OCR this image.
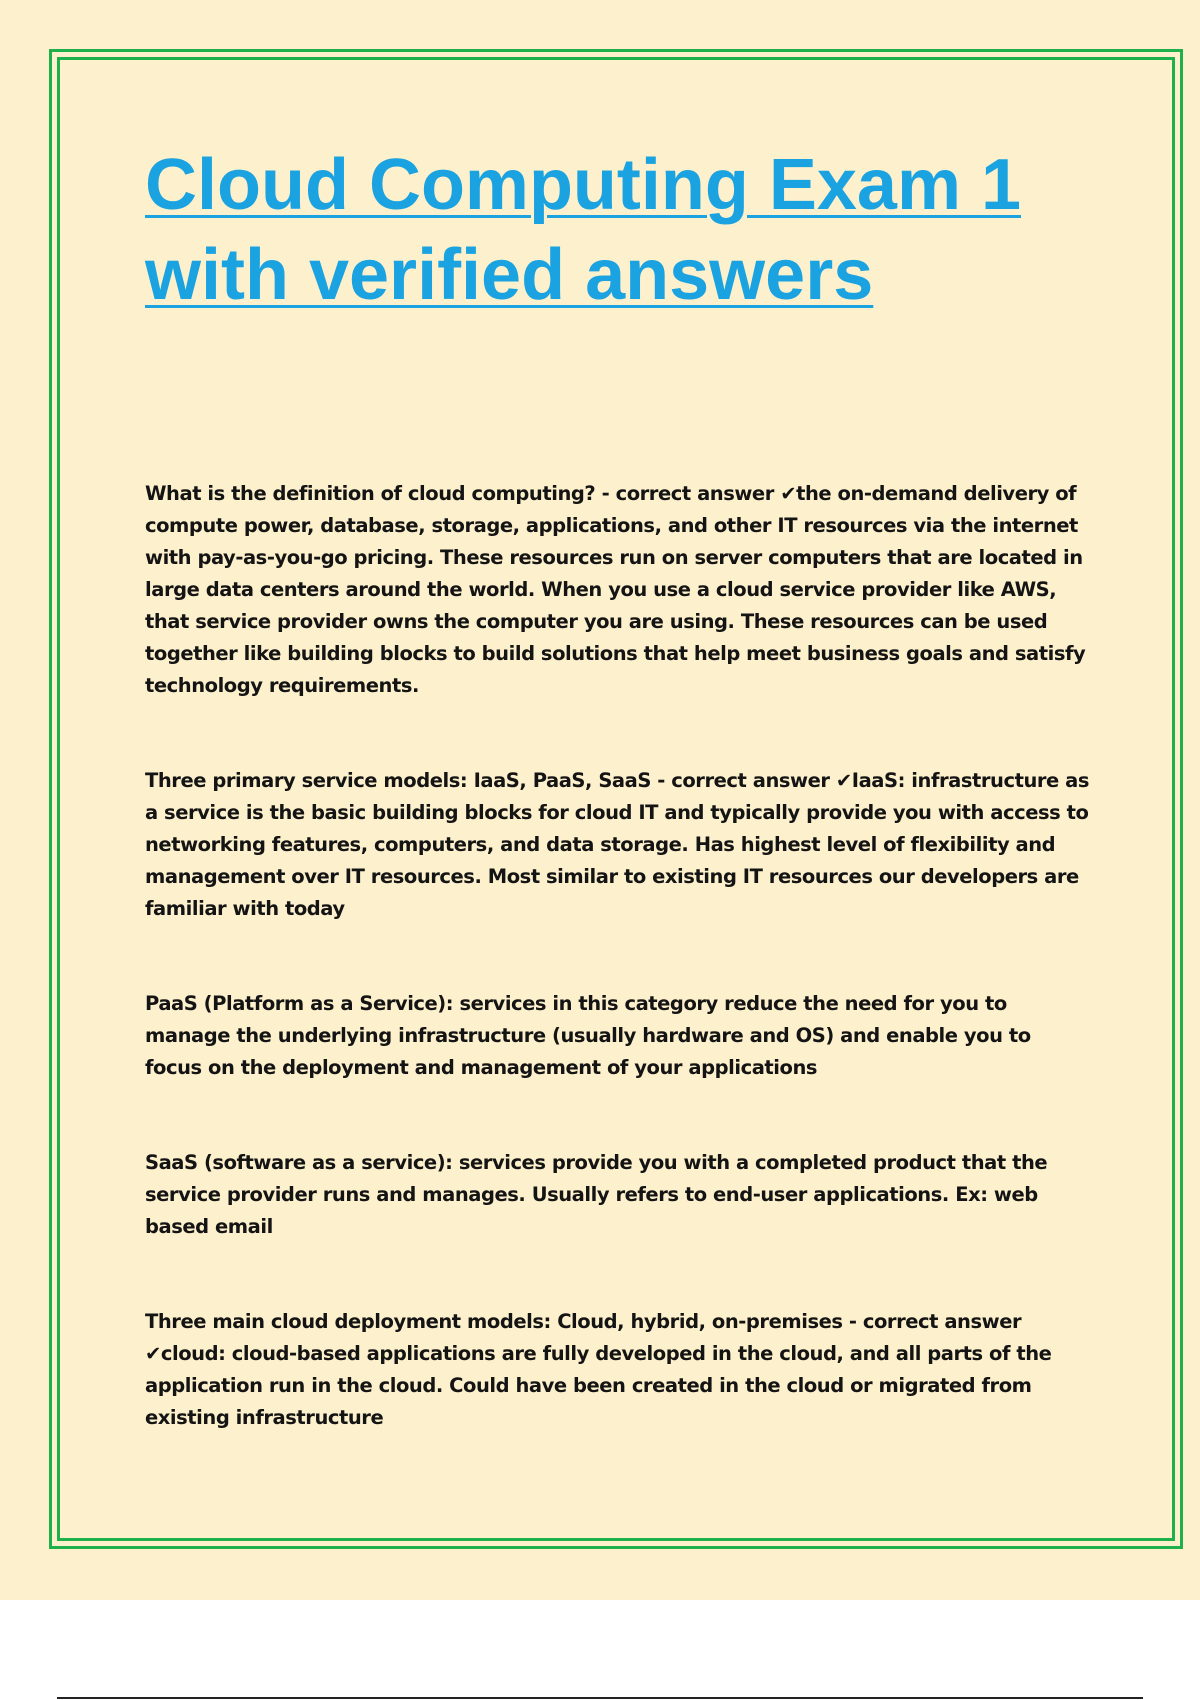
Cloud Computing Exam 1
with verified answers

What is the definition of cloud computing? - correct answer ✔the on-demand delivery of compute power, database, storage, applications, and other IT resources via the internet with pay-as-you-go pricing. These resources run on server computers that are located in large data centers around the world. When you use a cloud service provider like AWS, that service provider owns the computer you are using. These resources can be used together like building blocks to build solutions that help meet business goals and satisfy technology requirements.

Three primary service models: IaaS, PaaS, SaaS - correct answer ✔IaaS: infrastructure as a service is the basic building blocks for cloud IT and typically provide you with access to networking features, computers, and data storage. Has highest level of flexibility and management over IT resources. Most similar to existing IT resources our developers are familiar with today

PaaS (Platform as a Service): services in this category reduce the need for you to manage the underlying infrastructure (usually hardware and OS) and enable you to focus on the deployment and management of your applications

SaaS (software as a service): services provide you with a completed product that the service provider runs and manages. Usually refers to end-user applications. Ex: web based email

Three main cloud deployment models: Cloud, hybrid, on-premises - correct answer ✔cloud: cloud-based applications are fully developed in the cloud, and all parts of the application run in the cloud. Could have been created in the cloud or migrated from existing infrastructure
